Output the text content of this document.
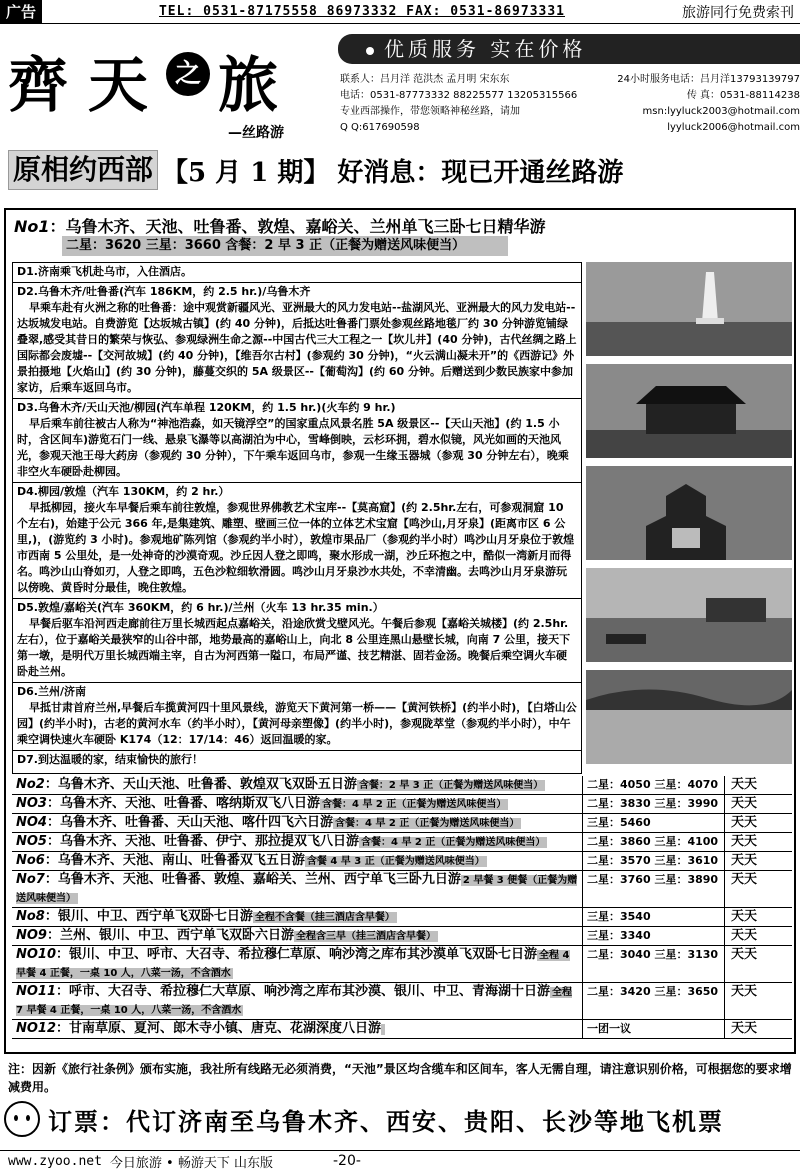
广告	TEL: 0531-87175558 86973332 FAX: 0531-86973331	旅游同行免费索刊
齊 天 之 旅
—丝路游
优质服务 实在价格
联系人：吕月洋 范洪杰 孟月明 宋东东	24小时服务电话：吕月洋13793139797
电话：0531-87773332 88225577 13205315566	传 真：0531-88114238
专业西部操作，带您领略神秘丝路，请加	msn:lyyluck2003@hotmail.com
Q Q:617690598	lyyluck2006@hotmail.com
原相约西部 【5 月 1 期】 好消息：现已开通丝路游
No1：乌鲁木齐、天池、吐鲁番、敦煌、嘉峪关、兰州单飞三卧七日精华游
二星：3620 三星：3660 含餐：2 早 3 正（正餐为赠送风味便当）
D1.济南乘飞机赴乌市，入住酒店。
D2.乌鲁木齐/吐鲁番(汽车 186KM，约 2.5 hr.)/乌鲁木齐
早乘车赴有火洲之称的吐鲁番：途中观赏新疆风光、亚洲最大的风力发电站--盐湖风光、亚洲最大的风力发电站--达坂城发电站。自费游览【达坂城古镇】(约 40 分钟)，后抵达吐鲁番门票处参观丝路地毯厂约 30 分钟游览铺绿叠翠,感受其昔日的繁荣与恢弘、参观绿洲生命之源--中国古代三大工程之一【坎儿井】(40 分钟)，古代丝绸之路上国际都会废墟--【交河故城】(约 40 分钟)，【维吾尔古村】(参观约 30 分钟)，“火云满山凝未开”的《西游记》外景拍摄地【火焰山】(约 30 分钟)，藤蔓交织的 5A 级景区--【葡萄沟】(约 60 分钟。后赠送到少数民族家中参加家访，后乘车返回乌市。
D3.乌鲁木齐/天山天池/柳园(汽车单程 120KM，约 1.5 hr.)(火车约 9 hr.)
早后乘车前往被古人称为“神池浩淼，如天镜浮空”的国家重点风景名胜 5A 级景区--【天山天池】(约 1.5 小时，含区间车)游览石门一线、悬泉飞瀑等以高湖泊为中心，雪峰倒映，云杉环拥，碧水似镜，风光如画的天池风光，参观天池王母大药房（参观约 30 分钟），下午乘车返回乌市，参观一生缘玉器城（参观 30 分钟左右），晚乘非空火车硬卧赴柳园。
D4.柳园/敦煌（汽车 130KM，约 2 hr.）
早抵柳园，接火车早餐后乘车前往敦煌，参观世界佛教艺术宝库--【莫高窟】(约 2.5hr.左右，可参观洞窟 10 个左右)，始建于公元 366 年,是集建筑、雕塑、壁画三位一体的立体艺术宝窟【鸣沙山,月牙泉】(距离市区 6 公里,)，(游览约 3 小时)。参观地矿陈列馆（参观约半小时），敦煌市果品厂（参观约半小时）鸣沙山月牙泉位于敦煌市西南 5 公里处，是一处神奇的沙漠奇观。沙丘因人登之即鸣，聚水形成一湖，沙丘环抱之中，酷似一湾新月而得名。鸣沙山山脊如刃，人登之即鸣，五色沙粒细软滑圆。鸣沙山月牙泉沙水共处，不幸清幽。去鸣沙山月牙泉游玩以傍晚、黄昏时分最佳，晚住敦煌。
D5.敦煌/嘉峪关(汽车 360KM，约 6 hr.)/兰州（火车 13 hr.35 min.）
早餐后驱车沿河西走廊前往万里长城西起点嘉峪关，沿途欣赏戈壁风光。午餐后参观【嘉峪关城楼】(约 2.5hr.左右），位于嘉峪关最狭窄的山谷中部，地势最高的嘉峪山上，向北 8 公里连黑山悬壁长城，向南 7 公里，接天下第一墩，是明代万里长城西端主宰，自古为河西第一隘口，布局严谨、技艺精湛、固若金汤。晚餐后乘空调火车硬卧赴兰州。
D6.兰州/济南
早抵甘肃首府兰州,早餐后车揽黄河四十里风景线，游览天下黄河第一桥——【黄河铁桥】(约半小时)，【白塔山公园】(约半小时)，古老的黄河水车（约半小时），【黄河母亲塑像】(约半小时)，参观陇萃堂（参观约半小时），中午乘空调快速火车硬卧 K174（12：17/14：46）返回温暖的家。
D7.到达温暖的家，结束愉快的旅行！
No2：乌鲁木齐、天山天池、吐鲁番、敦煌双飞双卧五日游 含餐：2 早 3 正（正餐为赠送风味便当）	二星：4050 三星：4070 天天
NO3：乌鲁木齐、天池、吐鲁番、喀纳斯双飞八日游 含餐：4 早 2 正（正餐为赠送风味便当）	二星：3830 三星：3990 天天
NO4：乌鲁木齐、吐鲁番、天山天池、喀什四飞六日游 含餐：4 早 2 正（正餐为赠送风味便当）	三星：5460	天天
NO5：乌鲁木齐、天池、吐鲁番、伊宁、那拉提双飞八日游 含餐：4 早 2 正（正餐为赠送风味便当）	二星：3860 三星：4100 天天
No6：乌鲁木齐、天池、南山、吐鲁番双飞五日游 含餐 4 早 3 正（正餐为赠送风味便当）	二星：3570 三星：3610 天天
No7：乌鲁木齐、天池、吐鲁番、敦煌、嘉峪关、兰州、西宁单飞三卧九日游 2 早餐 3 便餐（正餐为赠送风味便当）
二星：3760 三星：3890 天天
No8：银川、中卫、西宁单飞双卧七日游 全程不含餐（挂三酒店含早餐）	三星：3540	天天
NO9：兰州、银川、中卫、西宁单飞双卧六日游 全程含三早（挂三酒店含早餐）	三星：3340	天天
NO10：银川、中卫、呼市、大召寺、希拉穆仁草原、响沙湾之库布其沙漠单飞双卧七日游 全程 4 早餐 4 正餐，一桌 10 人，八菜一汤，不含酒水
二星：3040 三星：3130 天天
NO11：呼市、大召寺、希拉穆仁大草原、响沙湾之库布其沙漠、银川、中卫、青海湖十日游 全程 7 早餐 4 正餐，一桌 10 人，八菜一汤，不含酒水
二星：3420 三星：3650 天天
NO12：甘南草原、夏河、郎木寺小镇、唐克、花湖深度八日游	一团一议	天天
注：因新《旅行社条例》颁布实施，我社所有线路无必须消费，“天池”景区均含缆车和区间车，客人无需自理，请注意识别价格，可根据您的要求增减费用。
订票：代订济南至乌鲁木齐、西安、贵阳、长沙等地飞机票
www.zyoo.net 今日旅游 • 畅游天下 山东版	-20-
